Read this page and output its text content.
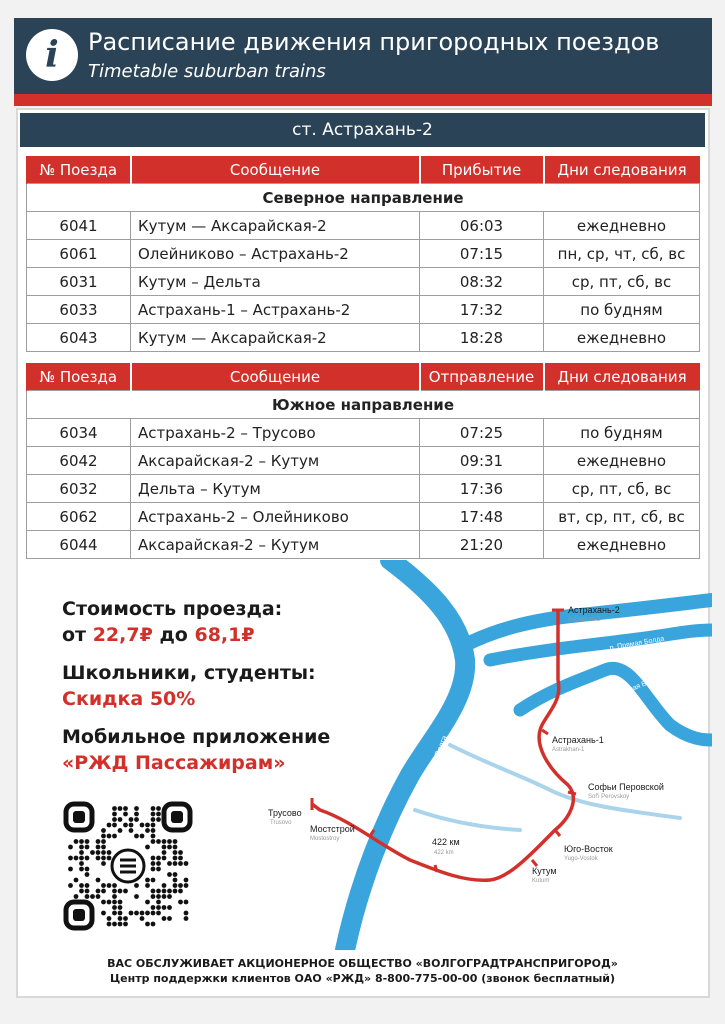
i	Расписание движения пригородных поездов
Timetable suburban trains
ст. Астрахань-2
№ Поезда	Сообщение	Прибытие	Дни следования
Северное направление			
6041	Кутум — Аксарайская-2	06:03	ежедневно
6061	Олейниково – Астрахань-2	07:15	пн, ср, чт, сб, вс
6031	Кутум – Дельта	08:32	ср, пт, сб, вс
6033	Астрахань-1 – Астрахань-2	17:32	по будням
6043	Кутум — Аксарайская-2	18:28	ежедневно
№ Поезда	Сообщение	Отправление	Дни следования
Южное направление			
6034	Астрахань-2 – Трусово	07:25	по будням
6042	Аксарайская-2 – Кутум	09:31	ежедневно
6032	Дельта – Кутум	17:36	ср, пт, сб, вс
6062	Астрахань-2 – Олейниково	17:48	вт, ср, пт, сб, вс
6044	Аксарайская-2 – Кутум	21:20	ежедневно
р. Волга
р. Прямая Болда
р. Кривая Болда
Астрахань-2
Astrakhan-2
Астрахань-1
Astrakhan-1
Софьи Перовской
Sof'i Perovskoy
Юго-Восток
Yugo-Vostok
Кутум
Kutum
422 км
422 km
Мостстрой
Mostostroy
Трусово
Trusovo
Стоимость проезда:
от 22,7₽ до 68,1₽
Школьники, студенты:
Скидка 50%
Мобильное приложение
«РЖД Пассажирам»
ВАС ОБСЛУЖИВАЕТ АКЦИОНЕРНОЕ ОБЩЕСТВО «ВОЛГОГРАДТРАНСПРИГОРОД»
Центр поддержки клиентов ОАО «РЖД» 8-800-775-00-00 (звонок бесплатный)
